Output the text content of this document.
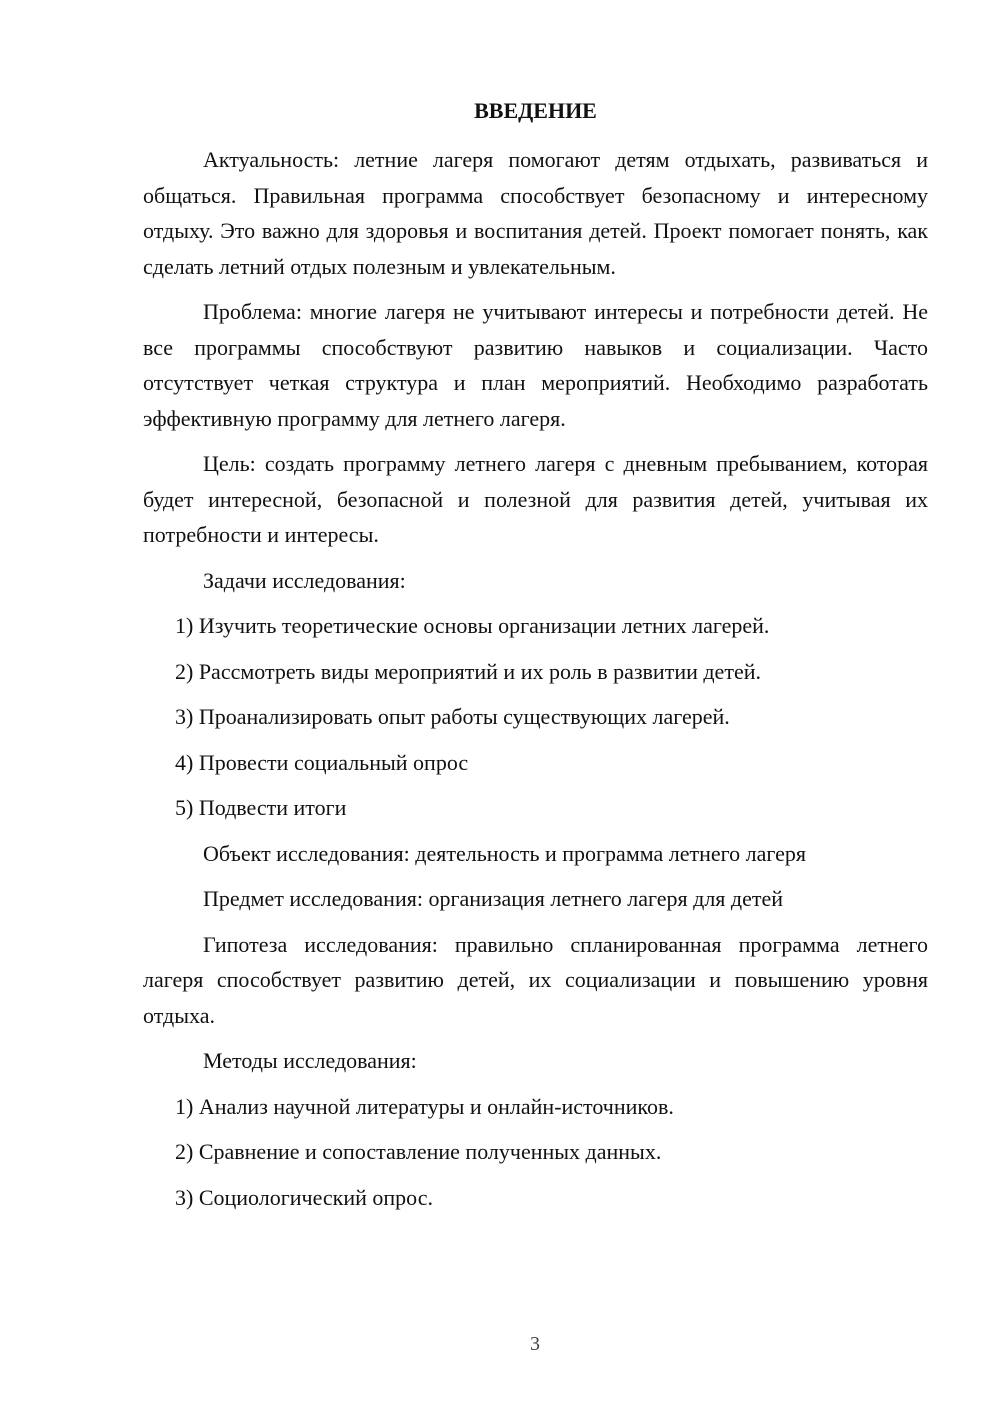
ВВЕДЕНИЕ

Актуальность: летние лагеря помогают детям отдыхать, развиваться и общаться. Правильная программа способствует безопасному и интересному отдыху. Это важно для здоровья и воспитания детей. Проект помогает понять, как сделать летний отдых полезным и увлекательным.

Проблема: многие лагеря не учитывают интересы и потребности детей. Не все программы способствуют развитию навыков и социализации. Часто отсутствует четкая структура и план мероприятий. Необходимо разработать эффективную программу для летнего лагеря.

Цель: создать программу летнего лагеря с дневным пребыванием, которая будет интересной, безопасной и полезной для развития детей, учитывая их потребности и интересы.

Задачи исследования:

1) Изучить теоретические основы организации летних лагерей.

2) Рассмотреть виды мероприятий и их роль в развитии детей.

3) Проанализировать опыт работы существующих лагерей.

4) Провести социальный опрос

5) Подвести итоги

Объект исследования: деятельность и программа летнего лагеря

Предмет исследования: организация летнего лагеря для детей

Гипотеза исследования: правильно спланированная программа летнего лагеря способствует развитию детей, их социализации и повышению уровня отдыха.

Методы исследования:

1) Анализ научной литературы и онлайн-источников.

2) Сравнение и сопоставление полученных данных.

3) Социологический опрос.

3
